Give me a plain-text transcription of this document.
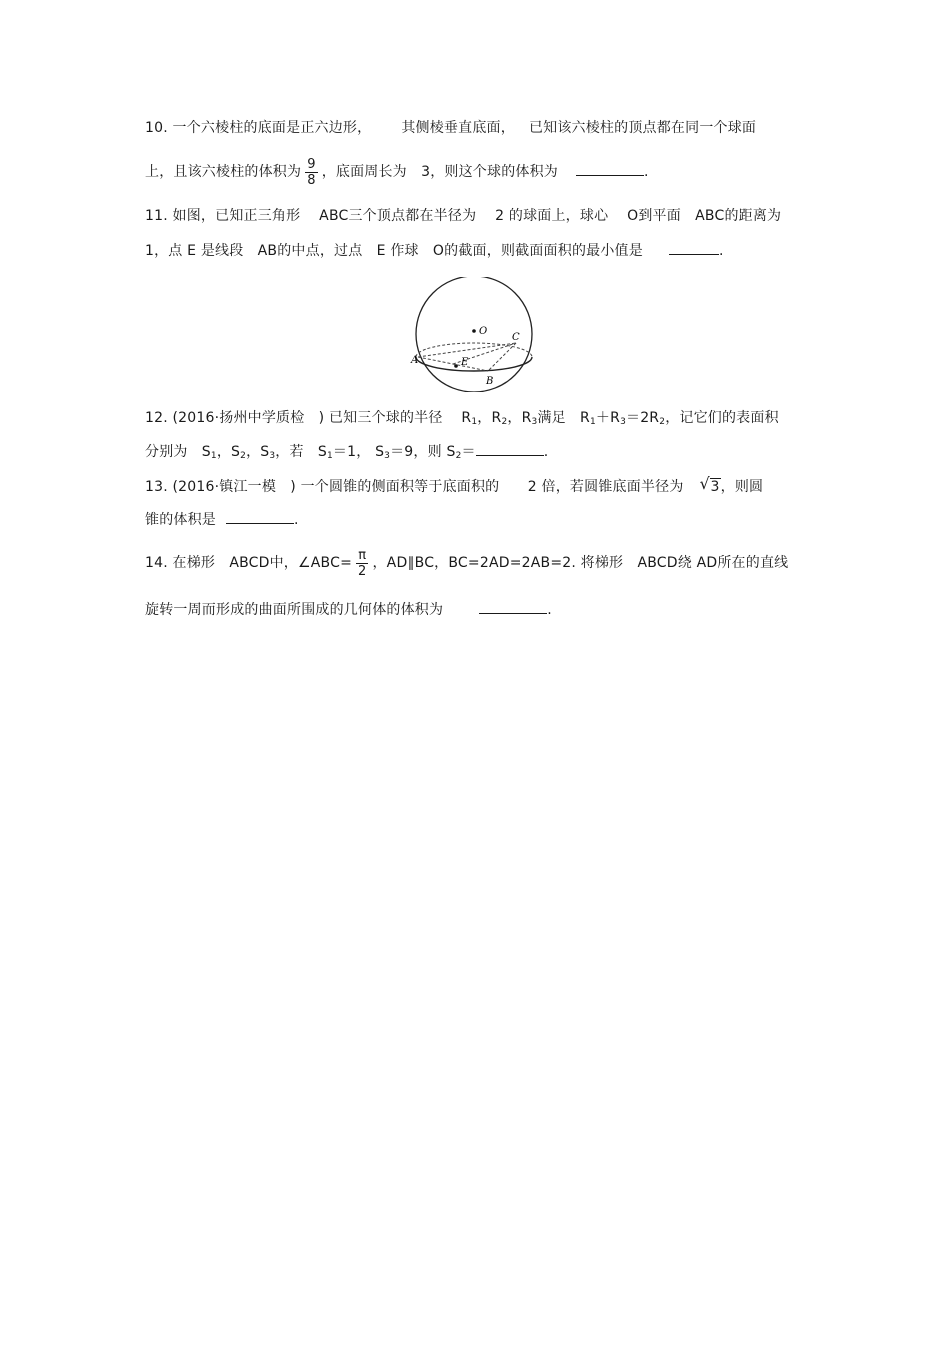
10. 一个六棱柱的底面是正六边形， 其侧棱垂直底面， 已知该六棱柱的顶点都在同一个球面
上，且该六棱柱的体积为 $\frac{9}{8}$ ，底面周长为　3，则这个球的体积为	.
11. 如图，已知正三角形　 ABC三个顶点都在半径为　 2 的球面上，球心　 O到平面　ABC的距离为
1，点 E 是线段　AB的中点，过点　E 作球　O的截面，则截面面积的最小值是	.
O
C
A	E
B
12. (2016·扬州中学质检　) 已知三个球的半径　 $R_1$，$R_2$，$R_3$满足　$R_1+R_3=2R_2$，记它们的表面积
分别为　$S_1$，$S_2$，$S_3$，若　$S_1=1$， $S_3=9$，则 $S_2=$	.
13. (2016·镇江一模　) 一个圆锥的侧面积等于底面积的　　2 倍，若圆锥底面半径为 √ 3，则圆
锥的体积是	.
14. 在梯形　ABCD中，∠ABC= $\frac{\pi}{2}$ ，AD∥BC，BC=2AD=2AB=2. 将梯形　ABCD绕 AD所在的直线
旋转一周而形成的曲面所围成的几何体的体积为	.
